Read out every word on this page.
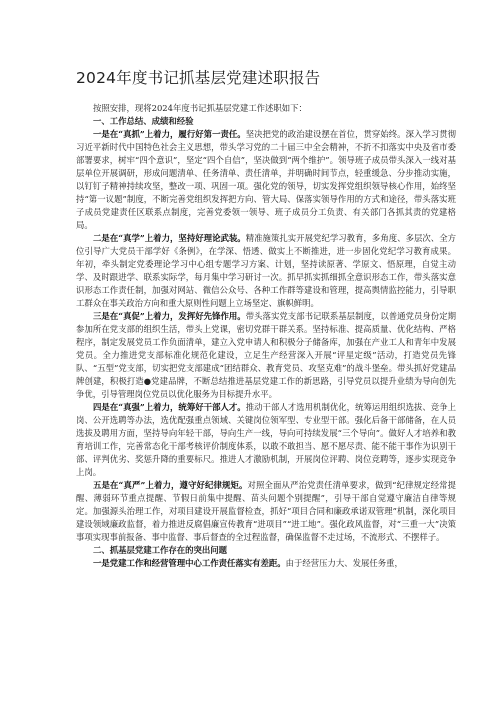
2024年度书记抓基层党建述职报告
按照安排，现将2024年度书记抓基层党建工作述职如下：
一、工作总结、成绩和经验

一是在“真抓”上着力，履行好第一责任。坚决把党的政治建设摆在首位，贯穿始终。深入学习贯彻习近平新时代中国特色社会主义思想，带头学习党的二十届三中全会精神，不折不扣落实中央及省市委部署要求，树牢“四个意识”，坚定“四个自信”，坚决做到“两个维护”。领导班子成员带头深入一线对基层单位开展调研，形成问题清单、任务清单、责任清单，并明确时间节点，轻重缓急、分步推动实施，以钉钉子精神持续攻坚，整改一项、巩固一项。强化党的领导，切实发挥党组织领导核心作用，始终坚持“第一议题”制度，不断完善党组织发挥把方向、管大局、保落实领导作用的方式和途径，带头落实班子成员党建责任区联系点制度，完善党委领一领导、班子成员分工负责、有关部门各抓其责的党建格局。

二是在“真学”上着力，坚持好理论武装。精准施策扎实开展党纪学习教育，多角度、多层次、全方位引导广大党员干部学好《条例》，在学深、悟透、做实上不断推进，进一步固化党纪学习教育成果。年初，牵头制定党委理论学习中心组专题学习方案、计划，坚持读原著、学原文、悟原理，自觉主动学、及时跟进学、联系实际学，每月集中学习研讨一次。抓早抓实抓细抓全意识形态工作，带头落实意识形态工作责任制，加强对网站、微信公众号、各种工作群等建设和管理，提高舆情监控能力，引导职工群众在事关政治方向和重大原则性问题上立场坚定、旗帜鲜明。

三是在“真促”上着力，发挥好先锋作用。带头落实党支部书记联系基层制度，以普通党员身份定期参加所在党支部的组织生活，带头上党课，密切党群干群关系。坚持标准、提高质量、优化结构、严格程序，制定发展党员工作负面清单，建立入党申请人和积极分子储备库，加强在产业工人和青年中发展党员。全力推进党支部标准化规范化建设，立足生产经营深入开展“评星定级”活动，打造党员先锋队、“五型”党支部，切实把党支部建成“团结群众、教育党员、攻坚克难”的战斗堡垒。带头抓好党建品牌创建，积极打造●党建品牌，不断总结推进基层党建工作的新思路，引导党员以提升业绩为导向创先争优，引导管理岗位党员以优化服务为目标提升水平。

四是在“真强”上着力，统筹好干部人才。推动干部人才选用机制优化，统筹运用组织选拔、竞争上岗、公开选聘等办法，选优配强重点领域、关键岗位领军型、专业型干部。强化后备干部储备，在人员选拔及聘用方面，坚持导向年轻干部，导向生产一线，导向可持续发展“三个导向”。做好人才培养和教育培训工作，完善常态化干部考核评价制度体系，以敢不敢担当、愿不愿尽责、能不能干事作为识别干部、评判优劣、奖惩升降的重要标尺。推进人才激励机制，开展岗位评聘、岗位竞聘等，逐步实现竞争上岗。

五是在“真严”上着力，遵守好纪律规矩。对照全面从严治党责任清单要求，做到“纪律规定经常提醒、薄弱环节重点提醒、节假日前集中提醒、苗头问题个别提醒”，引导干部自觉遵守廉洁自律等规定。加强源头治理工作，对项目建设开展监督检查，抓好“项目合同和廉政承诺双管理”机制，深化项目建设领域廉政监督，着力推进反腐倡廉宣传教育“进项目”“进工地”。强化政风监督，对“三重一大”决策事项实现事前报备、事中监督、事后督查的全过程监督，确保监督不走过场，不流形式、不摆样子。

二、抓基层党建工作存在的突出问题

一是党建工作和经营管理中心工作责任落实有差距。由于经营压力大、发展任务重，
